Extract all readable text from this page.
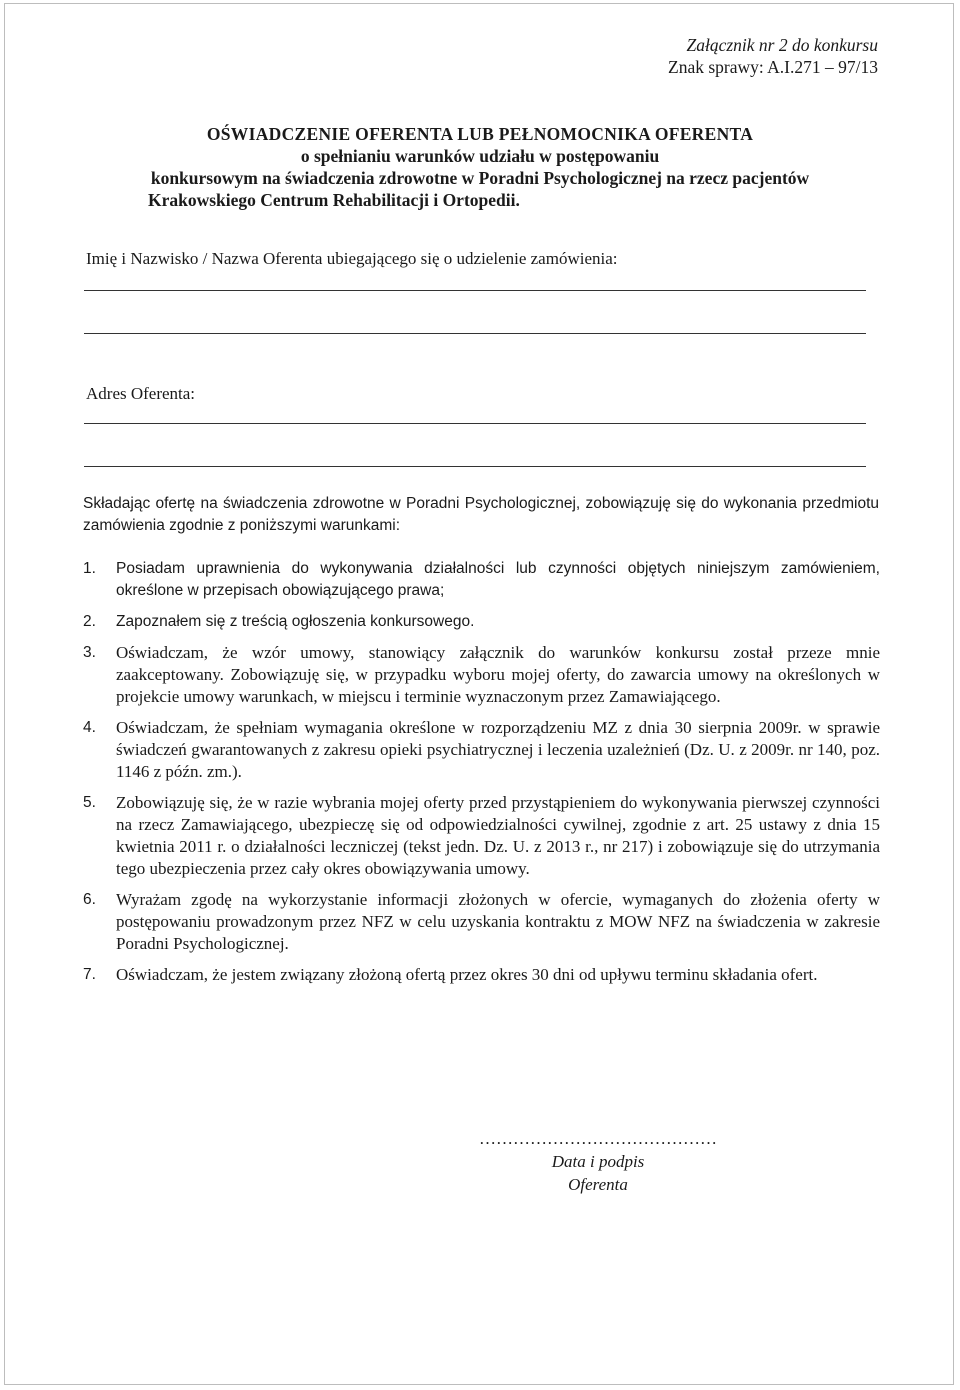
Załącznik nr 2 do konkursu
Znak sprawy: A.I.271 – 97/13
OŚWIADCZENIE OFERENTA LUB PEŁNOMOCNIKA OFERENTA
o spełnianiu warunków udziału w postępowaniu
konkursowym na świadczenia zdrowotne w Poradni Psychologicznej na rzecz pacjentów
Krakowskiego Centrum Rehabilitacji i Ortopedii.
Imię i Nazwisko / Nazwa Oferenta ubiegającego się o udzielenie zamówienia:
Adres Oferenta:
Składając ofertę na świadczenia zdrowotne w Poradni Psychologicznej, zobowiązuję się do wykonania przedmiotu zamówienia zgodnie z poniższymi warunkami:
1.	Posiadam uprawnienia do wykonywania działalności lub czynności objętych niniejszym zamówieniem, określone w przepisach obowiązującego prawa;
2.	Zapoznałem się z treścią ogłoszenia konkursowego.
3.	Oświadczam, że wzór umowy, stanowiący załącznik do warunków konkursu został przeze mnie zaakceptowany. Zobowiązuję się, w przypadku wyboru mojej oferty, do zawarcia umowy na określonych w projekcie umowy warunkach, w miejscu i terminie wyznaczonym przez Zamawiającego.
4.	Oświadczam, że spełniam wymagania określone w rozporządzeniu MZ z dnia 30 sierpnia 2009r. w sprawie świadczeń gwarantowanych z zakresu opieki psychiatrycznej i leczenia uzależnień (Dz. U. z 2009r. nr 140, poz. 1146 z późn. zm.).
5.	Zobowiązuję się, że w razie wybrania mojej oferty przed przystąpieniem do wykonywania pierwszej czynności na rzecz Zamawiającego, ubezpieczę się od odpowiedzialności cywilnej, zgodnie z art. 25 ustawy z dnia 15 kwietnia 2011 r. o działalności leczniczej (tekst jedn. Dz. U. z 2013 r., nr 217) i zobowiązuje się do utrzymania tego ubezpieczenia przez cały okres obowiązywania umowy.
6.	Wyrażam zgodę na wykorzystanie informacji złożonych w ofercie, wymaganych do złożenia oferty w postępowaniu prowadzonym przez NFZ w celu uzyskania kontraktu z MOW NFZ na świadczenia w zakresie Poradni Psychologicznej.
7.	Oświadczam, że jestem związany złożoną ofertą przez okres 30 dni od upływu terminu składania ofert.
……………………………………
Data i podpis
Oferenta
